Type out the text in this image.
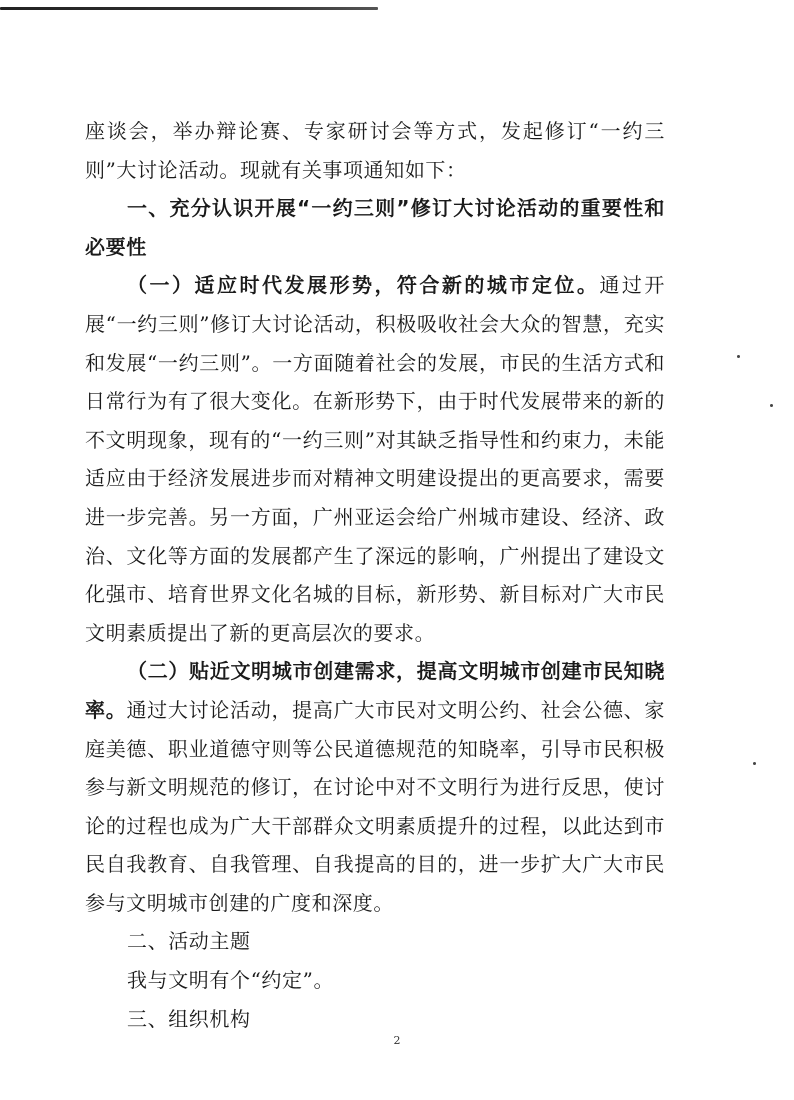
座谈会，举办辩论赛、专家研讨会等方式，发起修订“一约三则”大讨论活动。现就有关事项通知如下：

一、充分认识开展“一约三则”修订大讨论活动的重要性和必要性

（一）适应时代发展形势，符合新的城市定位。通过开展“一约三则”修订大讨论活动，积极吸收社会大众的智慧，充实和发展“一约三则”。一方面随着社会的发展，市民的生活方式和日常行为有了很大变化。在新形势下，由于时代发展带来的新的不文明现象，现有的“一约三则”对其缺乏指导性和约束力，未能适应由于经济发展进步而对精神文明建设提出的更高要求，需要进一步完善。另一方面，广州亚运会给广州城市建设、经济、政治、文化等方面的发展都产生了深远的影响，广州提出了建设文化强市、培育世界文化名城的目标，新形势、新目标对广大市民文明素质提出了新的更高层次的要求。

（二）贴近文明城市创建需求，提高文明城市创建市民知晓率。通过大讨论活动，提高广大市民对文明公约、社会公德、家庭美德、职业道德守则等公民道德规范的知晓率，引导市民积极参与新文明规范的修订，在讨论中对不文明行为进行反思，使讨论的过程也成为广大干部群众文明素质提升的过程，以此达到市民自我教育、自我管理、自我提高的目的，进一步扩大广大市民参与文明城市创建的广度和深度。

二、活动主题

我与文明有个“约定”。

三、组织机构

2
